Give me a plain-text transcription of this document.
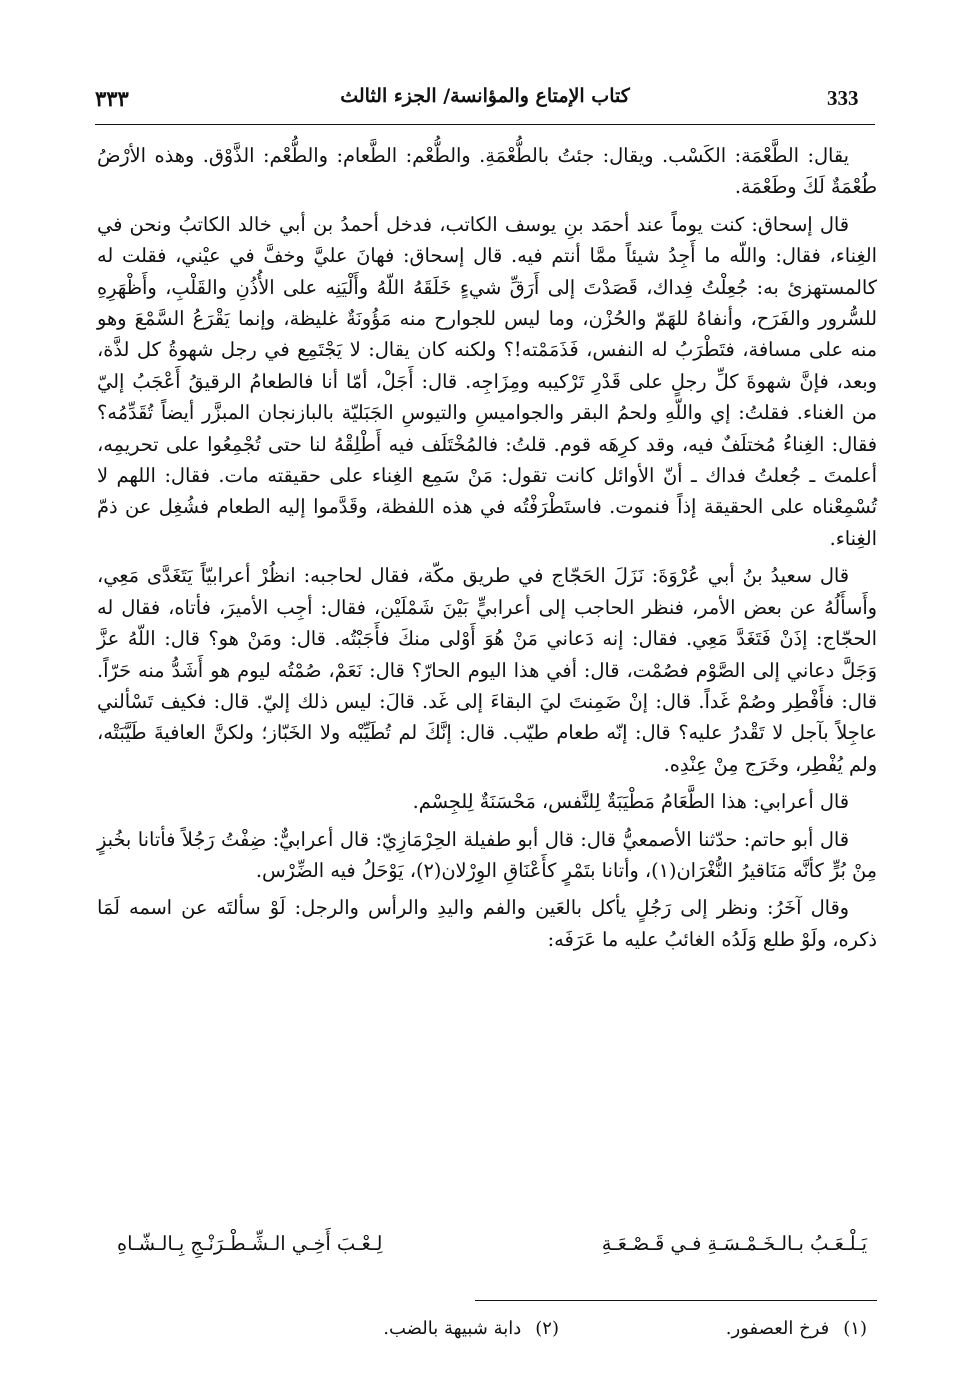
333
كتاب الإمتاع والمؤانسة/ الجزء الثالث
٣٣٣

يقال: الطَّعْمَة: الكَسْب. ويقال: جئتُ بالطُّعْمَةِ. والطُّعْم: الطَّعام: والطُّعْم: الذَّوْق. وهذه الأرْضُ طُعْمَةٌ لَكَ وطَعْمَة.

قال إسحاق: كنت يوماً عند أحمَد بنِ يوسف الكاتب، فدخل أحمدُ بن أبي خالد الكاتبُ ونحن في الغِناء، فقال: واللّه ما أَجِدُ شيئاً ممَّا أنتم فيه. قال إسحاق: فهانَ عليَّ وخفَّ في عيْني، فقلت له كالمستهزئ به: جُعِلْتُ فِداك، قَصَدْتَ إلى أَرَقِّ شيءٍ خَلَقَهُ اللّهُ وأَلْيَنِه على الأُذُنِ والقَلْبِ، وأَظْهَرِهِ للسُّرور والفَرَح، وأنفاهُ للهَمّ والحُزْن، وما ليس للجوارح منه مَؤُونَةٌ غليظة، وإنما يَقْرَعُ السَّمْعَ وهو منه على مسافة، فتَطْرَبُ له النفس، فَذَمَمْته!؟ ولكنه كان يقال: لا يَجْتَمِع في رجل شهوةُ كل لذَّة، وبعد، فإنَّ شهوةَ كلِّ رجلٍ على قَدْرِ تَرْكيبه ومِزَاجِه. قال: أَجَلْ، أمّا أنا فالطعامُ الرقيقُ أَعْجَبُ إليّ من الغناء. فقلتُ: إي واللّهِ ولحمُ البقر والجواميسِ والتيوسِ الجَبَليّة بالبازنجان المبزَّر أيضاً تُقَدِّمُه؟ فقال: الغِناءُ مُختلَفٌ فيه، وقد كرِهَه قوم. قلتُ: فالمُخْتَلَف فيه أَطْلِقْهُ لنا حتى تُجْمِعُوا على تحريمِه، أعلمتَ ـ جُعلتُ فداك ـ أنّ الأوائل كانت تقول: مَنْ سَمِع الغِناء على حقيقته مات. فقال: اللهم لا تُسْمِعْناه على الحقيقة إذاً فنموت. فاستَطْرَفْتُه في هذه اللفظة، وقَدَّموا إليه الطعام فشُغِل عن ذمّ الغِناء.

قال سعيدُ بنُ أبي عُرْوَةَ: نَزَلَ الحَجّاج في طريق مكّة، فقال لحاجبه: انظُرْ أعرابيّاً يَتَغَدَّى مَعِي، وأَسأَلُهُ عن بعض الأمر، فنظر الحاجب إلى أعرابيٍّ بَيْنَ شَمْلَيْن، فقال: أجِب الأميرَ، فأتاه، فقال له الحجّاج: إذَنْ فَتَغَدَّ مَعِي. فقال: إنه دَعاني مَنْ هُوَ أَوْلى منكَ فأَجَبْتُه. قال: ومَنْ هو؟ قال: اللّهُ عزَّ وَجَلَّ دعاني إلى الصَّوْم فصُمْت، قال: أفي هذا اليوم الحارّ؟ قال: نَعَمْ، صُمْتُه ليوم هو أَشَدُّ منه حَرّاً. قال: فأَفْطِر وصُمْ غَداً. قال: إنْ ضَمِنتَ ليَ البقاءَ إلى غَد. قالَ: ليس ذلك إليّ. قال: فكيف تَسْألني عاجِلاً بآجل لا تَقْدرُ عليه؟ قال: إنّه طعام طيّب. قال: إنَّكَ لم تُطَيِّبْه ولا الخَبّاز؛ ولكنَّ العافيةَ طَيَّبَتْه، ولم يُفْطِر، وخَرَج مِنْ عِنْدِه.

قال أعرابي: هذا الطَّعَامُ مَطْيَبَةٌ لِلنَّفس، مَحْسَنَةٌ لِلجِسْم.

قال أبو حاتم: حدّثنا الأصمعيُّ قال: قال أبو طفيلة الحِرْمَازِيّ: قال أعرابيٌّ: ضِفْتُ رَجُلاً فأتانا بخُبزٍ مِنْ بُرٍّ كأنَّه مَنَاقيرُ النُّغْرَان(١)، وأتانا بتَمْرٍ كأَعْنَاقِ الوِرْلان(٢)، يَوْحَلُ فيه الضِّرْس.

وقال آخَرُ: ونظر إلى رَجُلٍ يأكل بالعَين والفم واليدِ والرأس والرجل: لَوْ سألتَه عن اسمه لَمَا ذكره، ولَوْ طلع وَلَدُه الغائبُ عليه ما عَرَفَه:

يَـلْـعَـبُ بـالـخَـمْـسَـةِ فـي قَـصْـعَـةِ
لِـعْـبَ أَخِـي الـشِّـطْـرَنْـجِ بِـالـشّـاهِ
(١)فرخ العصفور.
(٢)دابة شبيهة بالضب.
